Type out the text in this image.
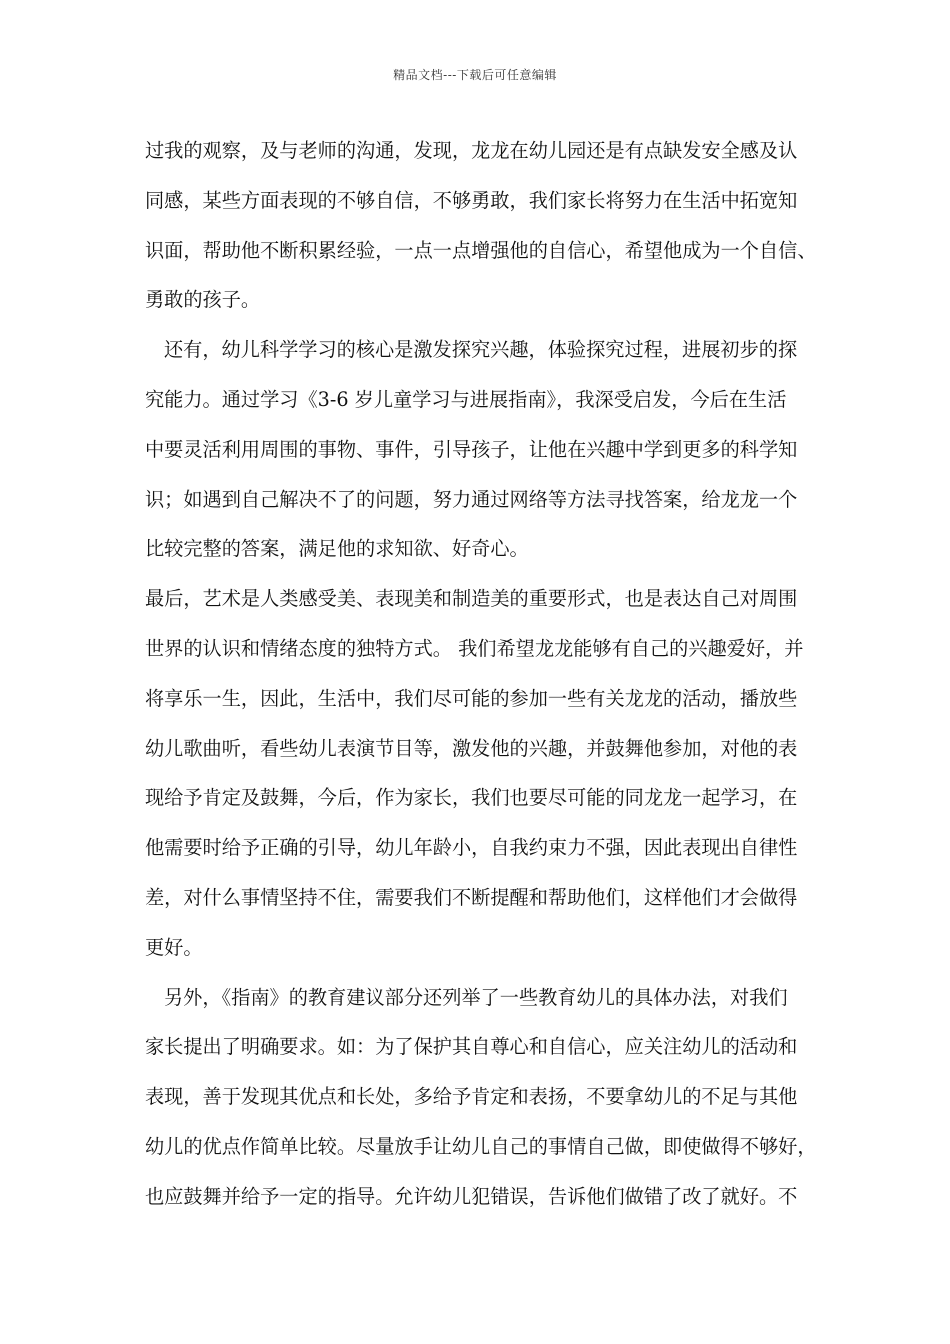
精品文档---下载后可任意编辑
过我的观察，及与老师的沟通，发现，龙龙在幼儿园还是有点缺发安全感及认
同感，某些方面表现的不够自信，不够勇敢，我们家长将努力在生活中拓宽知
识面，帮助他不断积累经验，一点一点增强他的自信心，希望他成为一个自信、
勇敢的孩子。
还有，幼儿科学学习的核心是激发探究兴趣，体验探究过程，进展初步的探
究能力。通过学习《3-6 岁儿童学习与进展指南》，我深受启发，今后在生活
中要灵活利用周围的事物、事件，引导孩子，让他在兴趣中学到更多的科学知
识；如遇到自己解决不了的问题，努力通过网络等方法寻找答案，给龙龙一个
比较完整的答案，满足他的求知欲、好奇心。
最后，艺术是人类感受美、表现美和制造美的重要形式，也是表达自己对周围
世界的认识和情绪态度的独特方式。 我们希望龙龙能够有自己的兴趣爱好，并
将享乐一生，因此，生活中，我们尽可能的参加一些有关龙龙的活动，播放些
幼儿歌曲听，看些幼儿表演节目等，激发他的兴趣，并鼓舞他参加，对他的表
现给予肯定及鼓舞，今后，作为家长，我们也要尽可能的同龙龙一起学习，在
他需要时给予正确的引导，幼儿年龄小，自我约束力不强，因此表现出自律性
差，对什么事情坚持不住，需要我们不断提醒和帮助他们，这样他们才会做得
更好。
另外，《指南》的教育建议部分还列举了一些教育幼儿的具体办法，对我们
家长提出了明确要求。如：为了保护其自尊心和自信心，应关注幼儿的活动和
表现，善于发现其优点和长处，多给予肯定和表扬，不要拿幼儿的不足与其他
幼儿的优点作简单比较。尽量放手让幼儿自己的事情自己做，即使做得不够好，
也应鼓舞并给予一定的指导。允许幼儿犯错误，告诉他们做错了改了就好。不
